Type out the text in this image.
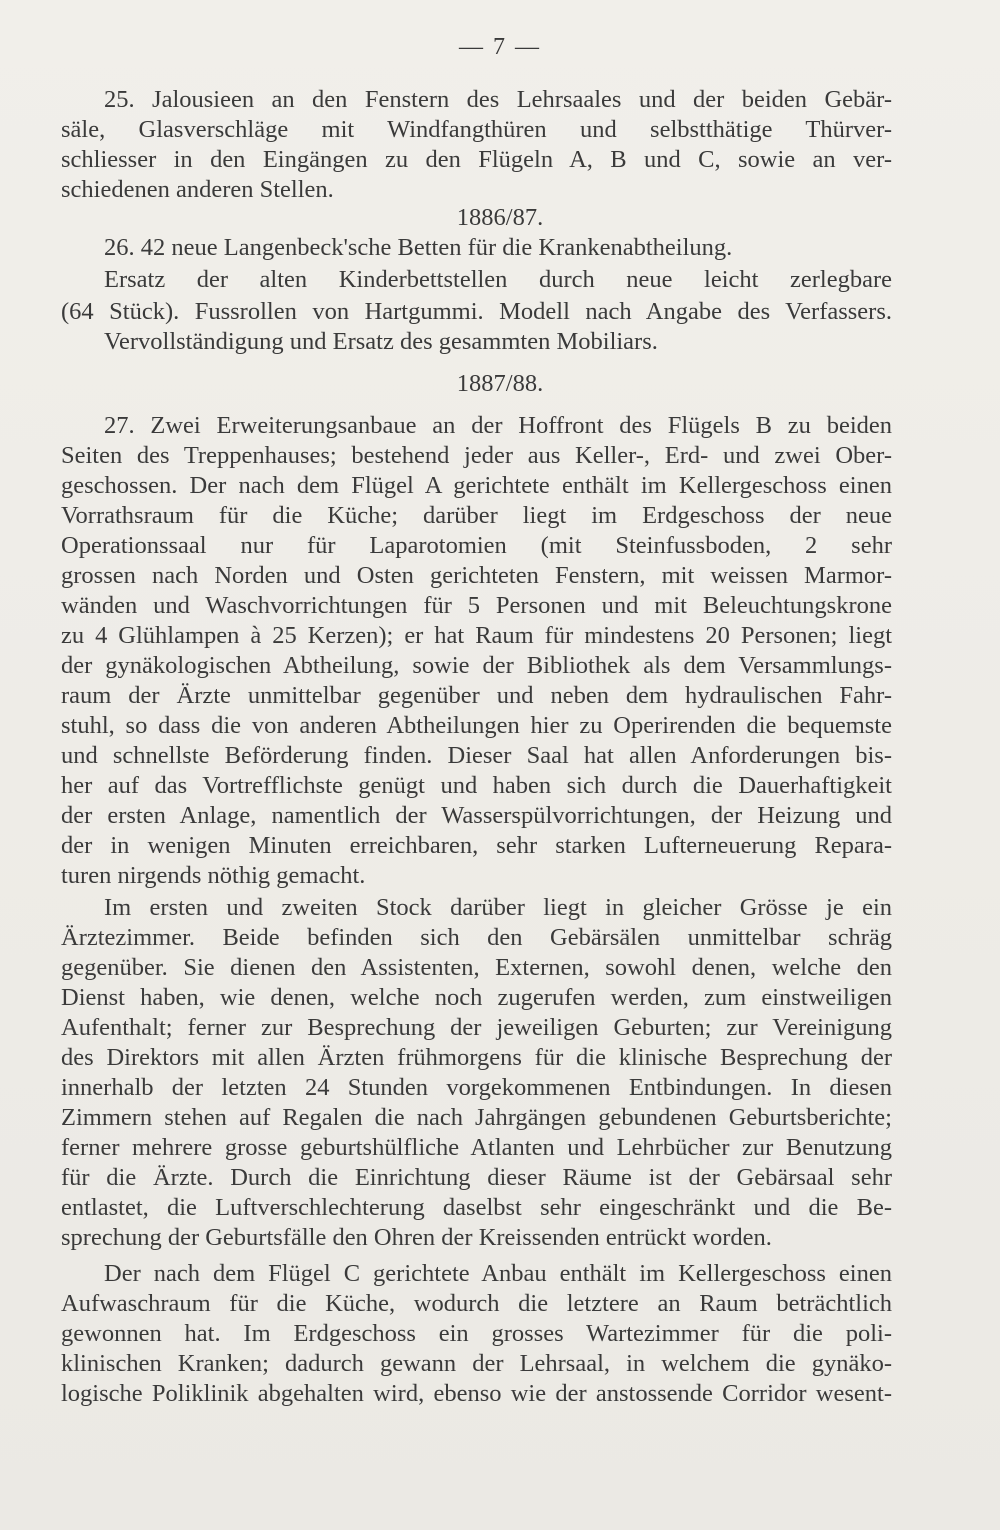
— 7 —
25. Jalousieen an den Fenstern des Lehrsaales und der beiden Gebär-
säle, Glasverschläge mit Windfangthüren und selbstthätige Thürver-
schliesser in den Eingängen zu den Flügeln A, B und C, sowie an ver-
schiedenen anderen Stellen.
1886/87.
26. 42 neue Langenbeck'sche Betten für die Krankenabtheilung.
Ersatz der alten Kinderbettstellen durch neue leicht zerlegbare
(64 Stück). Fussrollen von Hartgummi. Modell nach Angabe des Verfassers.
Vervollständigung und Ersatz des gesammten Mobiliars.
1887/88.
27. Zwei Erweiterungsanbaue an der Hoffront des Flügels B zu beiden
Seiten des Treppenhauses; bestehend jeder aus Keller-, Erd- und zwei Ober-
geschossen. Der nach dem Flügel A gerichtete enthält im Kellergeschoss einen
Vorrathsraum für die Küche; darüber liegt im Erdgeschoss der neue
Operationssaal nur für Laparotomien (mit Steinfussboden, 2 sehr
grossen nach Norden und Osten gerichteten Fenstern, mit weissen Marmor-
wänden und Waschvorrichtungen für 5 Personen und mit Beleuchtungskrone
zu 4 Glühlampen à 25 Kerzen); er hat Raum für mindestens 20 Personen; liegt
der gynäkologischen Abtheilung, sowie der Bibliothek als dem Versammlungs-
raum der Ärzte unmittelbar gegenüber und neben dem hydraulischen Fahr-
stuhl, so dass die von anderen Abtheilungen hier zu Operirenden die bequemste
und schnellste Beförderung finden. Dieser Saal hat allen Anforderungen bis-
her auf das Vortrefflichste genügt und haben sich durch die Dauerhaftigkeit
der ersten Anlage, namentlich der Wasserspülvorrichtungen, der Heizung und
der in wenigen Minuten erreichbaren, sehr starken Lufterneuerung Repara-
turen nirgends nöthig gemacht.
Im ersten und zweiten Stock darüber liegt in gleicher Grösse je ein
Ärztezimmer. Beide befinden sich den Gebärsälen unmittelbar schräg
gegenüber. Sie dienen den Assistenten, Externen, sowohl denen, welche den
Dienst haben, wie denen, welche noch zugerufen werden, zum einstweiligen
Aufenthalt; ferner zur Besprechung der jeweiligen Geburten; zur Vereinigung
des Direktors mit allen Ärzten frühmorgens für die klinische Besprechung der
innerhalb der letzten 24 Stunden vorgekommenen Entbindungen. In diesen
Zimmern stehen auf Regalen die nach Jahrgängen gebundenen Geburtsberichte;
ferner mehrere grosse geburtshülfliche Atlanten und Lehrbücher zur Benutzung
für die Ärzte. Durch die Einrichtung dieser Räume ist der Gebärsaal sehr
entlastet, die Luftverschlechterung daselbst sehr eingeschränkt und die Be-
sprechung der Geburtsfälle den Ohren der Kreissenden entrückt worden.
Der nach dem Flügel C gerichtete Anbau enthält im Kellergeschoss einen
Aufwaschraum für die Küche, wodurch die letztere an Raum beträchtlich
gewonnen hat. Im Erdgeschoss ein grosses Wartezimmer für die poli-
klinischen Kranken; dadurch gewann der Lehrsaal, in welchem die gynäko-
logische Poliklinik abgehalten wird, ebenso wie der anstossende Corridor wesent-
